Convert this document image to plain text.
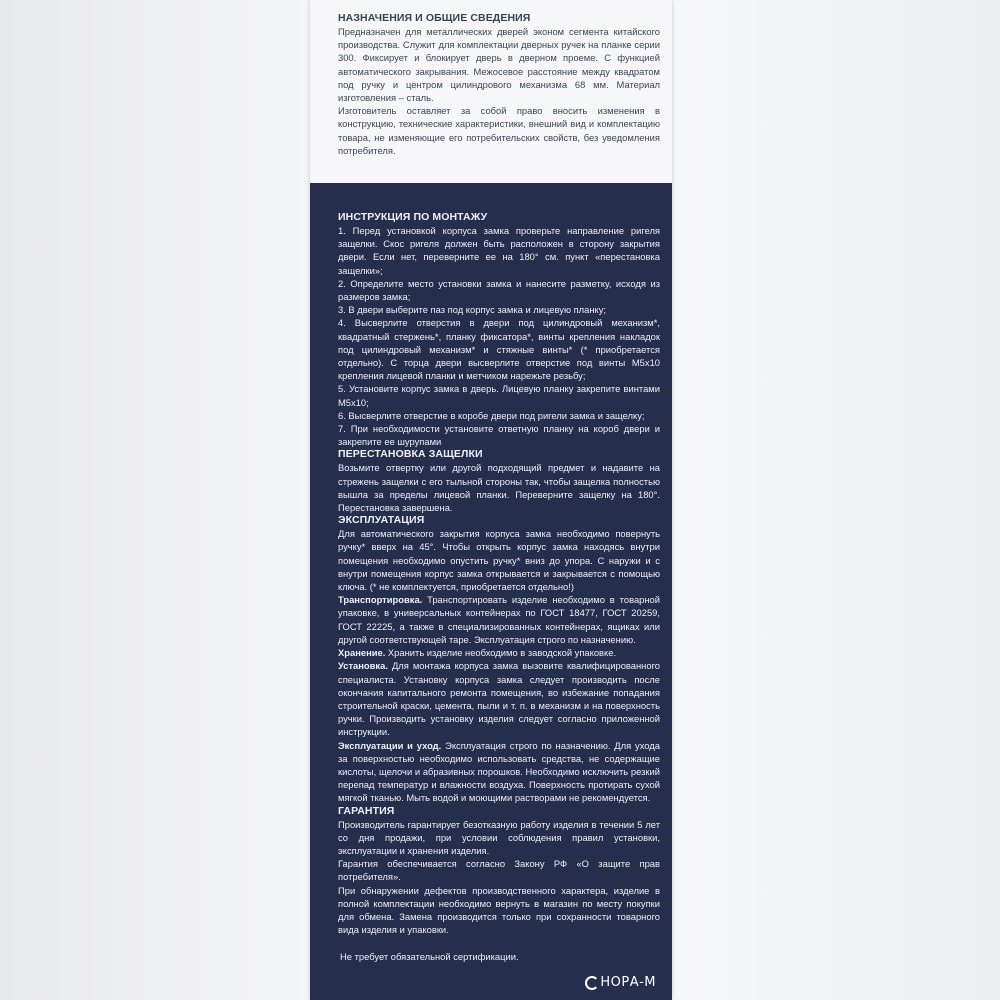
НАЗНАЧЕНИЯ И ОБЩИЕ СВЕДЕНИЯ

Предназначен для металлических дверей эконом сегмента китайского производства. Служит для комплектации дверных ручек на планке серии 300. Фиксирует и блокирует дверь в дверном проеме. С функцией автоматического закрывания. Межосевое расстояние между квадратом под ручку и центром цилиндрового механизма 68 мм. Материал изготовления – сталь.

Изготовитель оставляет за собой право вносить изменения в конструкцию, технические характеристики, внешний вид и комплектацию товара, не изменяющие его потребительских свойств, без уведомления потребителя.

ИНСТРУКЦИЯ ПО МОНТАЖУ

1. Перед установкой корпуса замка проверьте направление ригеля защелки. Скос ригеля должен быть расположен в сторону закрытия двери. Если нет, переверните ее на 180° см. пункт «перестановка защелки»;

2. Определите место установки замка и нанесите разметку, исходя из размеров замка;

3. В двери выберите паз под корпус замка и лицевую планку;

4. Высверлите отверстия в двери под цилиндровый механизм*, квадратный стержень*, планку фиксатора*, винты крепления накладок под цилиндровый механизм* и стяжные винты* (* приобретается отдельно). С торца двери высверлите отверстие под винты М5x10 крепления лицевой планки и метчиком нарежьте резьбу;

5. Установите корпус замка в дверь. Лицевую планку закрепите винтами М5x10;

6. Высверлите отверстие в коробе двери под ригели замка и защелку;

7. При необходимости установите ответную планку на короб двери и закрепите ее шурупами

ПЕРЕСТАНОВКА ЗАЩЕЛКИ

Возьмите отвертку или другой подходящий предмет и надавите на стрежень защелки с его тыльной стороны так, чтобы защелка полностью вышла за пределы лицевой планки. Переверните защелку на 180°. Перестановка завершена.

ЭКСПЛУАТАЦИЯ

Для автоматического закрытия корпуса замка необходимо повернуть ручку* вверх на 45°. Чтобы открыть корпус замка находясь внутри помещения необходимо опустить ручку* вниз до упора. С наружи и с внутри помещения корпус замка открывается и закрывается с помощью ключа. (* не комплектуется, приобретается отдельно!)

Транспортировка. Транспортировать изделие необходимо в товарной упаковке, в универсальных контейнерах по ГОСТ 18477, ГОСТ 20259, ГОСТ 22225, а также в специализированных контейнерах, ящиках или другой соответствующей таре. Эксплуатация строго по назначению.

Хранение. Хранить изделие необходимо в заводской упаковке.

Установка. Для монтажа корпуса замка вызовите квалифицированного специалиста. Установку корпуса замка следует производить после окончания капитального ремонта помещения, во избежание попадания строительной краски, цемента, пыли и т. п. в механизм и на поверхность ручки. Производить установку изделия следует согласно приложенной инструкции.

Эксплуатации и уход. Эксплуатация строго по назначению. Для ухода за поверхностью необходимо использовать средства, не содержащие кислоты, щелочи и абразивных порошков. Необходимо исключить резкий перепад температур и влажности воздуха. Поверхность протирать сухой мягкой тканью. Мыть водой и моющими растворами не рекомендуется.

ГАРАНТИЯ

Производитель гарантирует безотказную работу изделия в течении 5 лет со дня продажи, при условии соблюдения правил установки, эксплуатации и хранения изделия.

Гарантия обеспечивается согласно Закону РФ «О защите прав потребителя».

При обнаружении дефектов производственного характера, изделие в полной комплектации необходимо вернуть в магазин по месту покупки для обмена. Замена производится только при сохранности товарного вида изделия и упаковки.

Не требует обязательной сертификации.
НОРА-М
